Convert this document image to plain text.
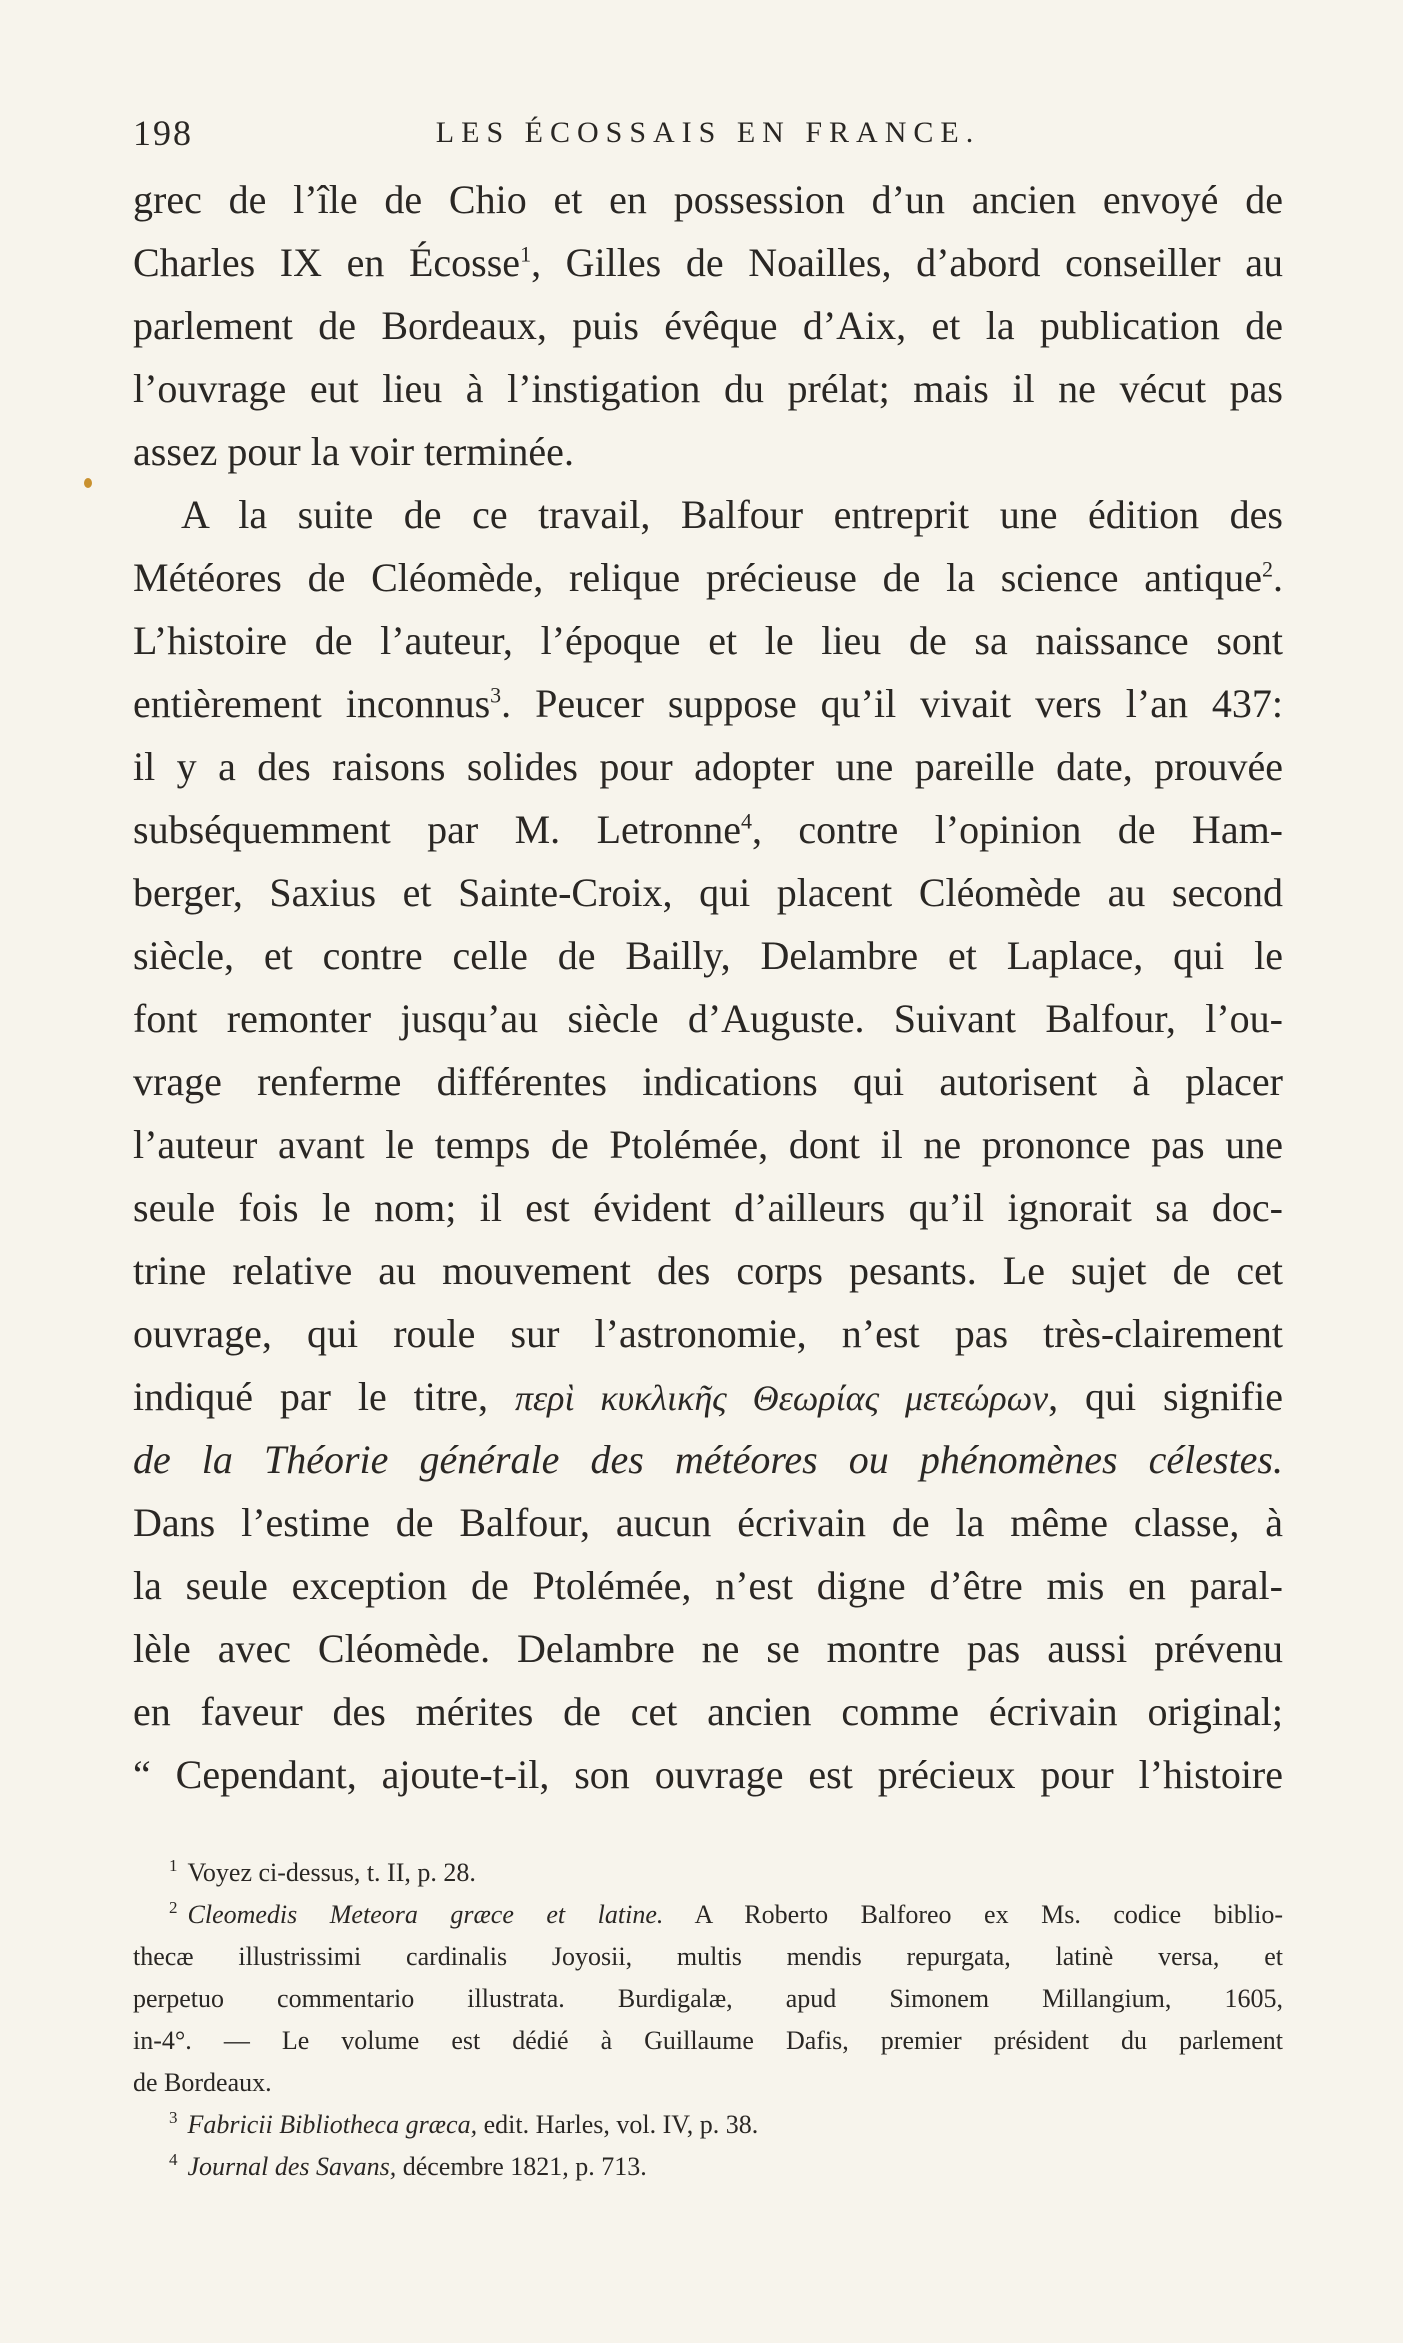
198	LES ÉCOSSAIS EN FRANCE.
grec de l’île de Chio et en possession d’un ancien envoyé de
Charles IX en Écosse$^1$, Gilles de Noailles, d’abord conseiller au
parlement de Bordeaux, puis évêque d’Aix, et la publication de
l’ouvrage eut lieu à l’instigation du prélat; mais il ne vécut pas
assez pour la voir terminée.
A la suite de ce travail, Balfour entreprit une édition des
Météores de Cléomède, relique précieuse de la science antique$^2$.
L’histoire de l’auteur, l’époque et le lieu de sa naissance sont
entièrement inconnus$^3$. Peucer suppose qu’il vivait vers l’an 437:
il y a des raisons solides pour adopter une pareille date, prouvée
subséquemment par M. Letronne$^4$, contre l’opinion de Ham-
berger, Saxius et Sainte-Croix, qui placent Cléomède au second
siècle, et contre celle de Bailly, Delambre et Laplace, qui le
font remonter jusqu’au siècle d’Auguste. Suivant Balfour, l’ou-
vrage renferme différentes indications qui autorisent à placer
l’auteur avant le temps de Ptolémée, dont il ne prononce pas une
seule fois le nom; il est évident d’ailleurs qu’il ignorait sa doc-
trine relative au mouvement des corps pesants. Le sujet de cet
ouvrage, qui roule sur l’astronomie, n’est pas très-clairement
indiqué par le titre, περὶ κυκλικῆς Θεωρίας μετεώρων, qui signifie
de la Théorie générale des météores ou phénomènes célestes.
Dans l’estime de Balfour, aucun écrivain de la même classe, à
la seule exception de Ptolémée, n’est digne d’être mis en paral-
lèle avec Cléomède. Delambre ne se montre pas aussi prévenu
en faveur des mérites de cet ancien comme écrivain original;
“ Cependant, ajoute-t-il, son ouvrage est précieux pour l’histoire
$^1$ Voyez ci-dessus, t. II, p. 28.
$^2$ Cleomedis Meteora græce et latine. A Roberto Balforeo ex Ms. codice biblio-
thecæ illustrissimi cardinalis Joyosii, multis mendis repurgata, latinè versa, et
perpetuo commentario illustrata. Burdigalæ, apud Simonem Millangium, 1605,
in-4°. — Le volume est dédié à Guillaume Dafis, premier président du parlement
de Bordeaux.
$^3$ Fabricii Bibliotheca græca, edit. Harles, vol. IV, p. 38.
$^4$ Journal des Savans, décembre 1821, p. 713.
